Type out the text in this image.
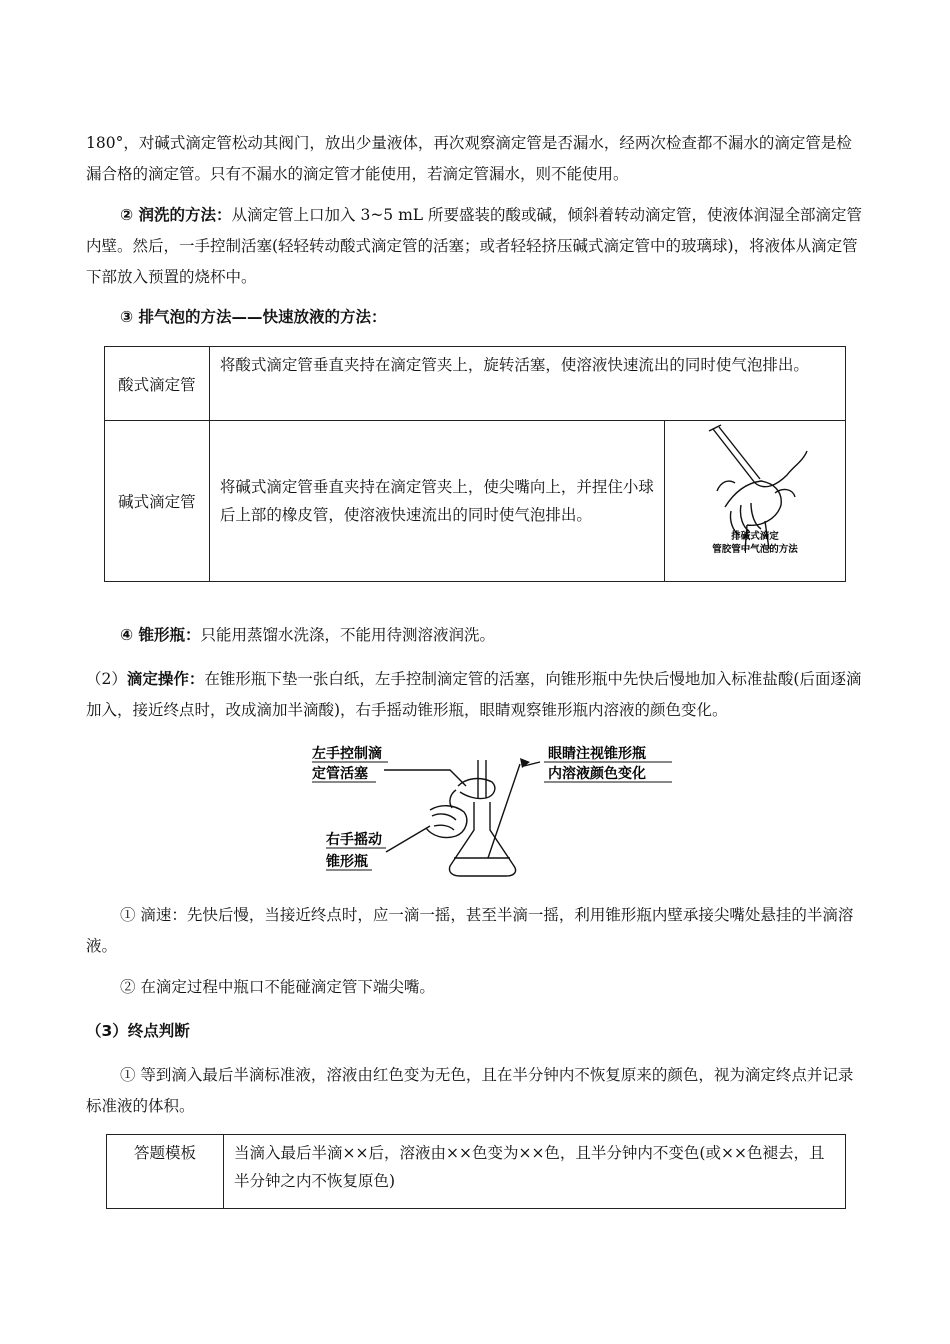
180°，对碱式滴定管松动其阀门，放出少量液体，再次观察滴定管是否漏水，经两次检查都不漏水的滴定管是检漏合格的滴定管。只有不漏水的滴定管才能使用，若滴定管漏水，则不能使用。

② 润洗的方法：从滴定管上口加入 3~5 mL 所要盛装的酸或碱，倾斜着转动滴定管，使液体润湿全部滴定管内壁。然后，一手控制活塞(轻轻转动酸式滴定管的活塞；或者轻轻挤压碱式滴定管中的玻璃球)，将液体从滴定管下部放入预置的烧杯中。

③ 排气泡的方法——快速放液的方法：

酸式滴定管	将酸式滴定管垂直夹持在滴定管夹上，旋转活塞，使溶液快速流出的同时使气泡排出。	
碱式滴定管	将碱式滴定管垂直夹持在滴定管夹上，使尖嘴向上，并捏住小球后上部的橡皮管，使溶液快速流出的同时使气泡排出。	排碱式滴定
管胶管中气泡的方法

④ 锥形瓶：只能用蒸馏水洗涤，不能用待测溶液润洗。

（2）滴定操作：在锥形瓶下垫一张白纸，左手控制滴定管的活塞，向锥形瓶中先快后慢地加入标准盐酸(后面逐滴加入，接近终点时，改成滴加半滴酸)，右手摇动锥形瓶，眼睛观察锥形瓶内溶液的颜色变化。

左手控制滴
定管活塞
右手摇动
锥形瓶
眼睛注视锥形瓶
内溶液颜色变化

① 滴速：先快后慢，当接近终点时，应一滴一摇，甚至半滴一摇，利用锥形瓶内壁承接尖嘴处悬挂的半滴溶液。

② 在滴定过程中瓶口不能碰滴定管下端尖嘴。

（3）终点判断

① 等到滴入最后半滴标准液，溶液由红色变为无色，且在半分钟内不恢复原来的颜色，视为滴定终点并记录标准液的体积。

答题模板	当滴入最后半滴××后，溶液由××色变为××色，且半分钟内不变色(或××色褪去，且半分钟之内不恢复原色)
